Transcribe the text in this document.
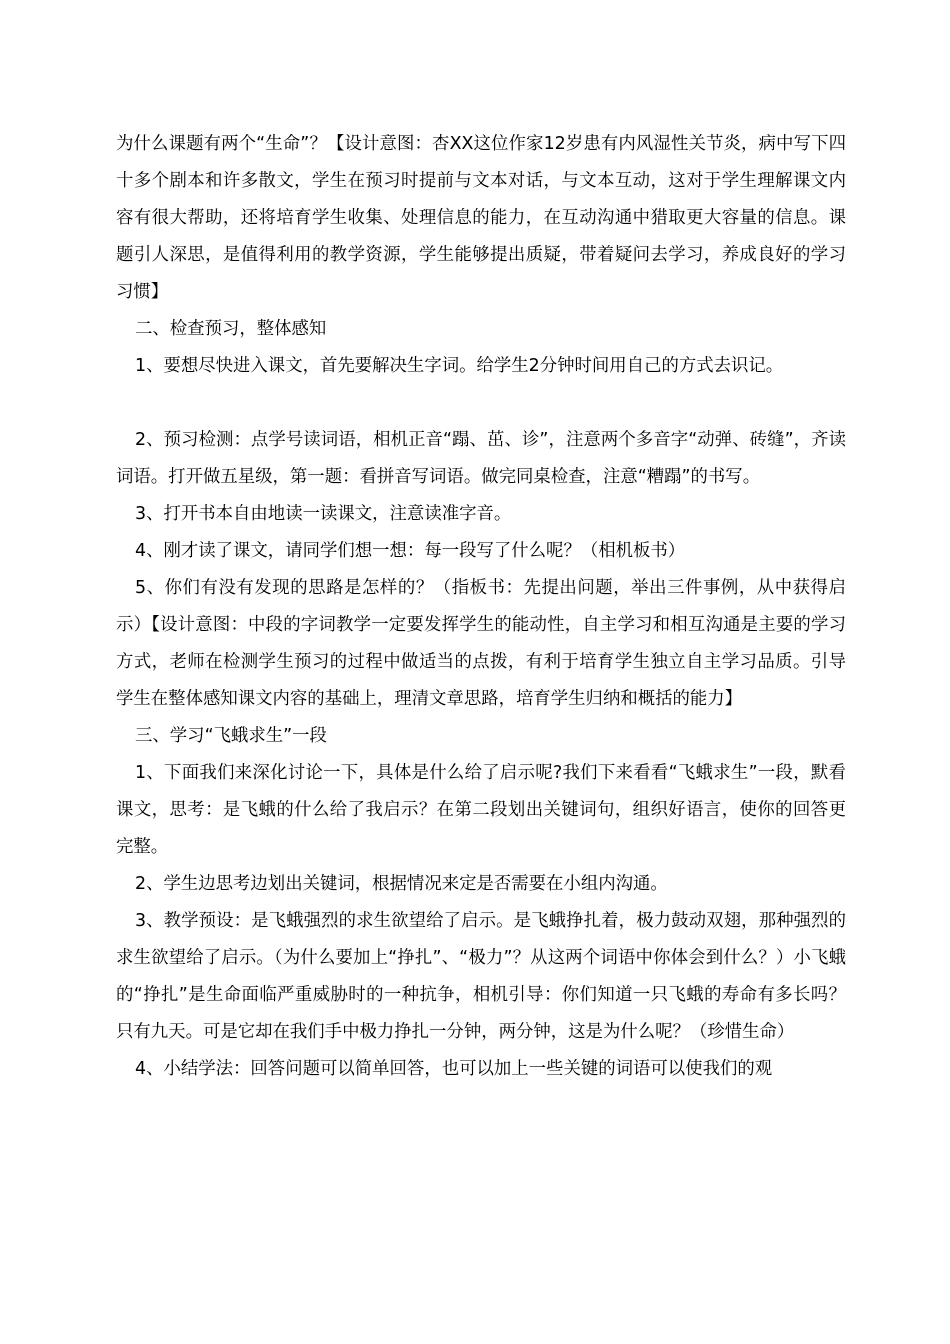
为什么课题有两个“生命”？【设计意图：杏XX这位作家12岁患有内风湿性关节炎，病中写下四十多个剧本和许多散文，学生在预习时提前与文本对话，与文本互动，这对于学生理解课文内容有很大帮助，还将培育学生收集、处理信息的能力，在互动沟通中猎取更大容量的信息。课题引人深思，是值得利用的教学资源，学生能够提出质疑，带着疑问去学习，养成良好的学习习惯】

二、检查预习，整体感知

1、要想尽快进入课文，首先要解决生字词。给学生2分钟时间用自己的方式去识记。

2、预习检测：点学号读词语，相机正音“蹋、茁、诊”，注意两个多音字“动弹、砖缝”，齐读词语。打开做五星级，第一题：看拼音写词语。做完同桌检查，注意“糟蹋”的书写。

3、打开书本自由地读一读课文，注意读准字音。

4、刚才读了课文，请同学们想一想：每一段写了什么呢？（相机板书）

5、你们有没有发现的思路是怎样的？（指板书：先提出问题，举出三件事例，从中获得启示）【设计意图：中段的字词教学一定要发挥学生的能动性，自主学习和相互沟通是主要的学习方式，老师在检测学生预习的过程中做适当的点拨，有利于培育学生独立自主学习品质。引导学生在整体感知课文内容的基础上，理清文章思路，培育学生归纳和概括的能力】

三、学习“飞蛾求生”一段

1、下面我们来深化讨论一下，具体是什么给了启示呢?我们下来看看“飞蛾求生”一段，默看课文，思考：是飞蛾的什么给了我启示？在第二段划出关键词句，组织好语言，使你的回答更完整。

2、学生边思考边划出关键词，根据情况来定是否需要在小组内沟通。

3、教学预设：是飞蛾强烈的求生欲望给了启示。是飞蛾挣扎着，极力鼓动双翅，那种强烈的求生欲望给了启示。（为什么要加上“挣扎”、“极力”？从这两个词语中你体会到什么？）小飞蛾的“挣扎”是生命面临严重威胁时的一种抗争，相机引导：你们知道一只飞蛾的寿命有多长吗？只有九天。可是它却在我们手中极力挣扎一分钟，两分钟，这是为什么呢？（珍惜生命）

4、小结学法：回答问题可以简单回答，也可以加上一些关键的词语可以使我们的观
